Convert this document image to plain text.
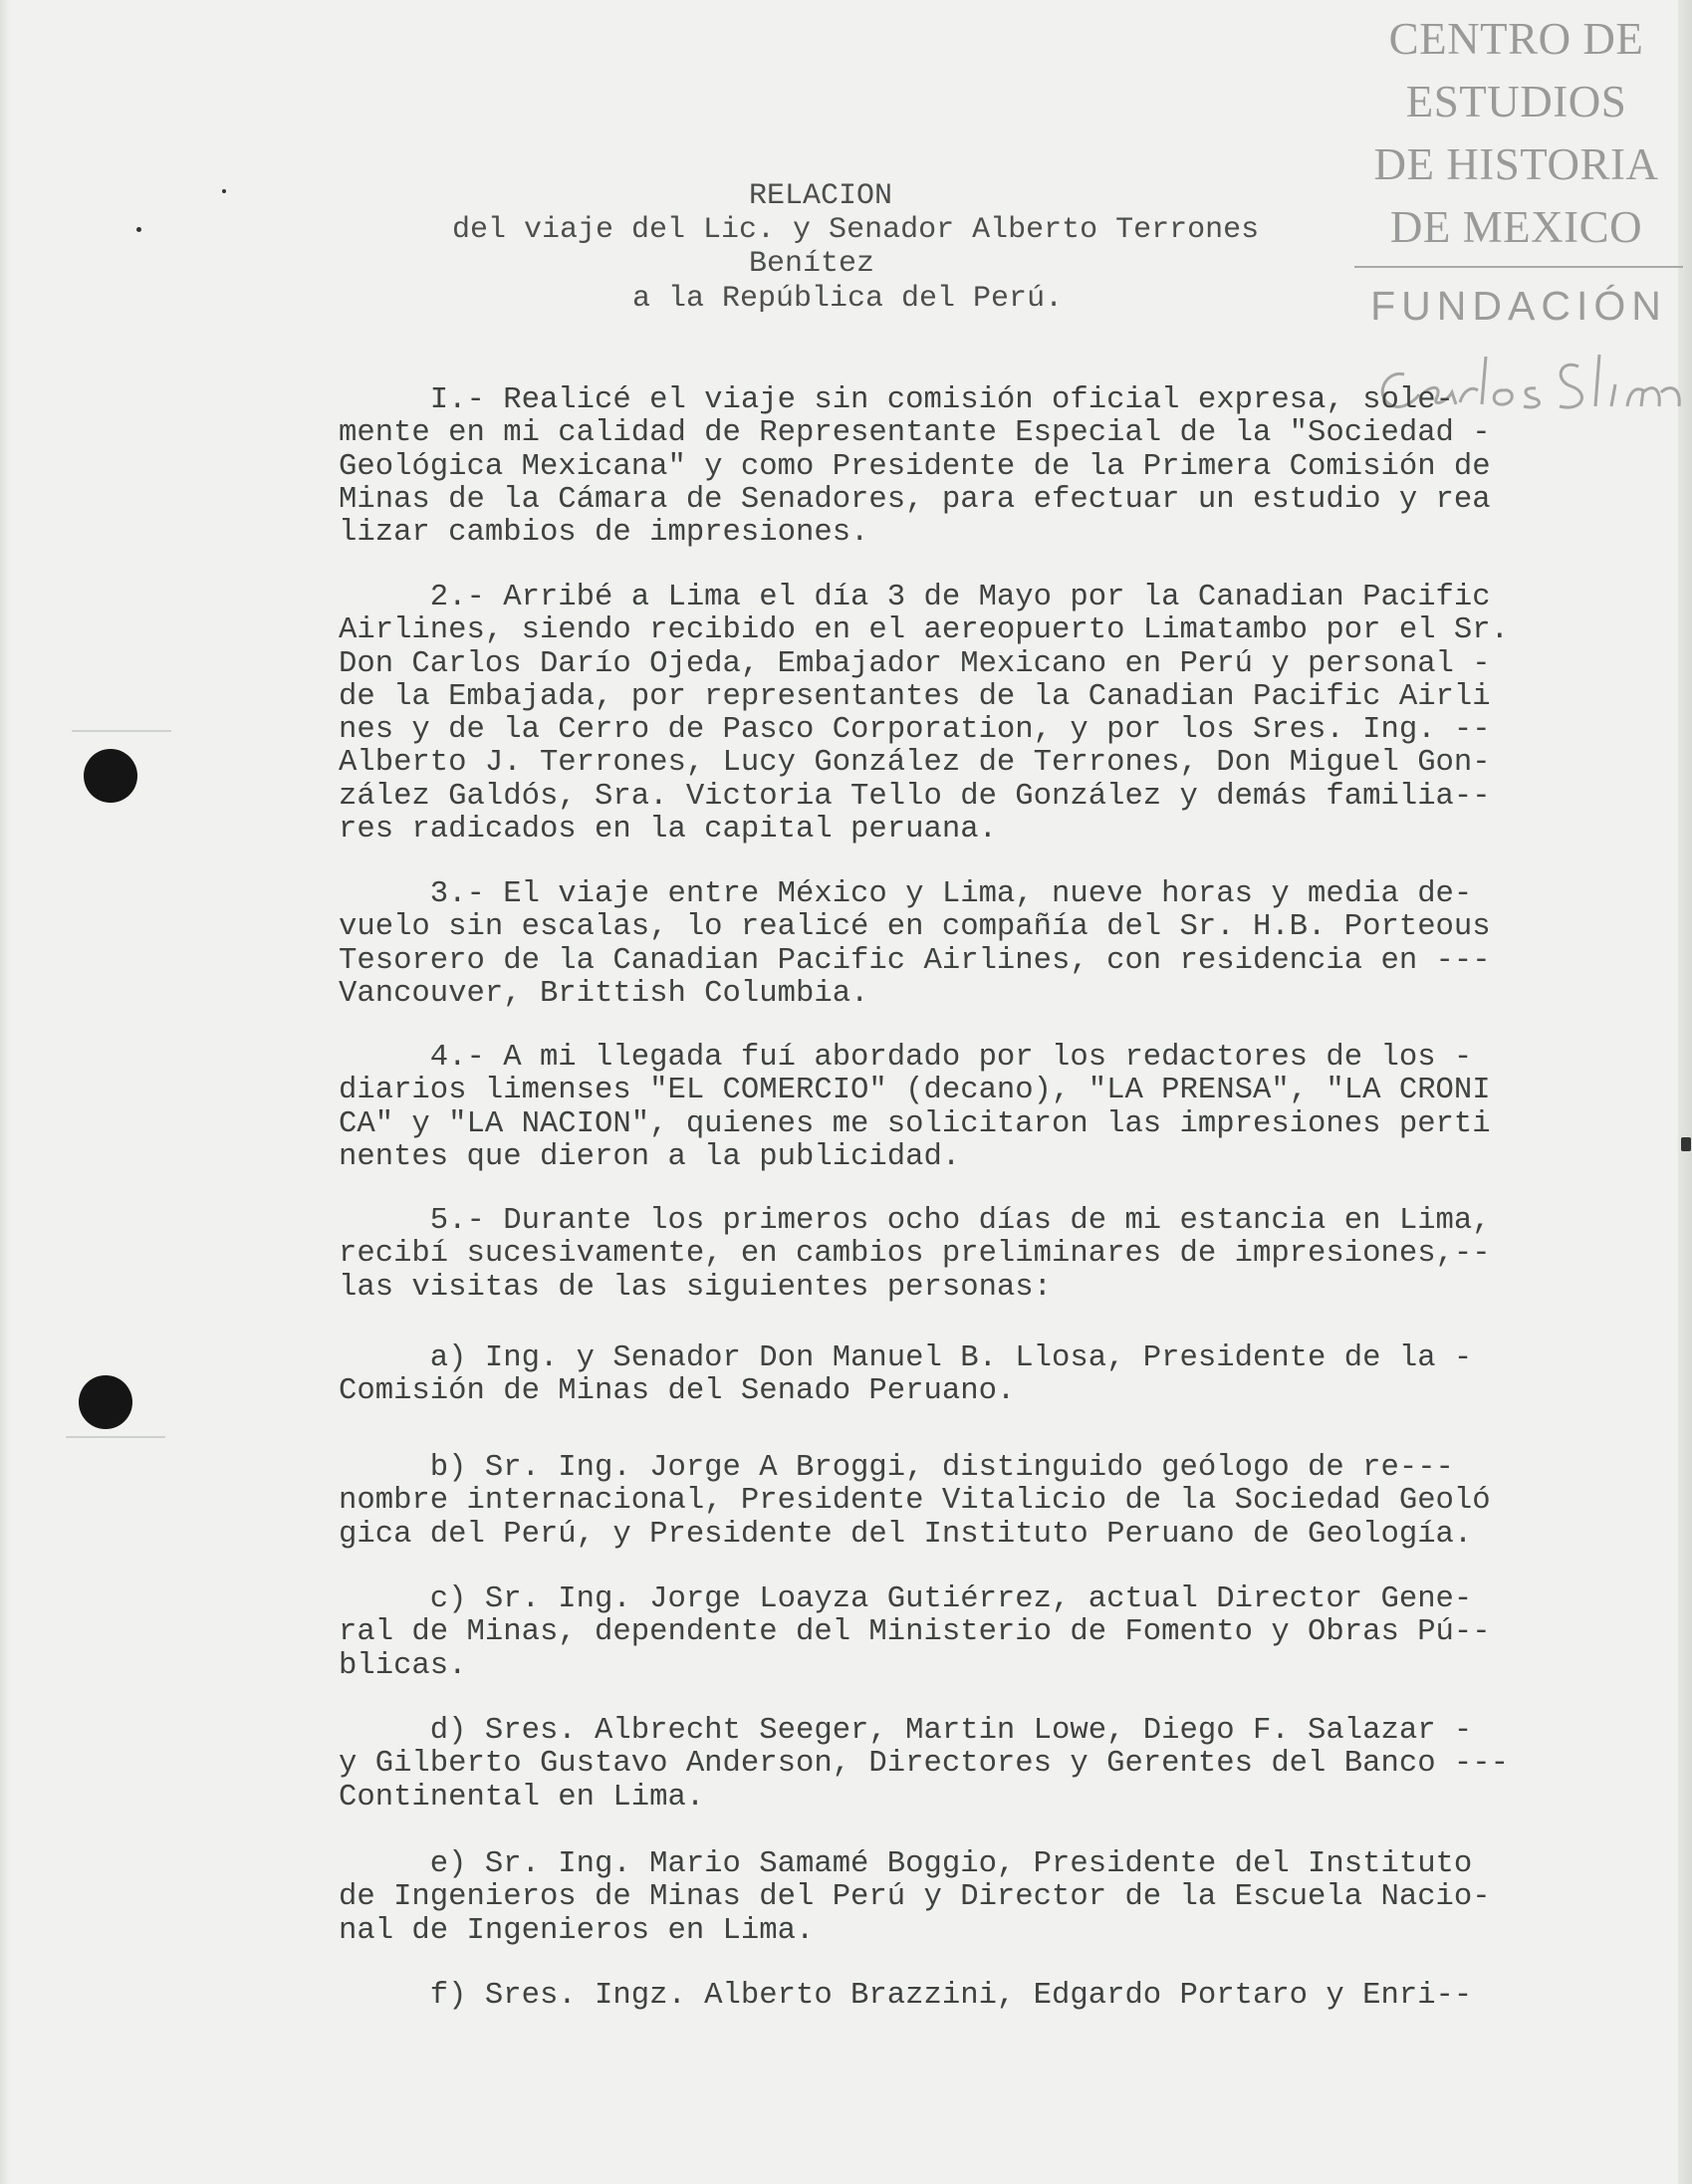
CENTRO DE
ESTUDIOS
DE HISTORIA
DE MEXICO
FUNDACIÓN

RELACION

del viaje del Lic. y Senador Alberto Terrones

Benítez

a la República del Perú.

I.- Realicé el viaje sin comisión oficial expresa, sole-
mente en mi calidad de Representante Especial de la "Sociedad -
Geológica Mexicana" y como Presidente de la Primera Comisión de
Minas de la Cámara de Senadores, para efectuar un estudio y rea
lizar cambios de impresiones.
2.- Arribé a Lima el día 3 de Mayo por la Canadian Pacific
Airlines, siendo recibido en el aereopuerto Limatambo por el Sr.
Don Carlos Darío Ojeda, Embajador Mexicano en Perú y personal -
de la Embajada, por representantes de la Canadian Pacific Airli
nes y de la Cerro de Pasco Corporation, y por los Sres. Ing. --
Alberto J. Terrones, Lucy González de Terrones, Don Miguel Gon-
zález Galdós, Sra. Victoria Tello de González y demás familia--
res radicados en la capital peruana.
3.- El viaje entre México y Lima, nueve horas y media de-
vuelo sin escalas, lo realicé en compañía del Sr. H.B. Porteous
Tesorero de la Canadian Pacific Airlines, con residencia en ---
Vancouver, Brittish Columbia.
4.- A mi llegada fuí abordado por los redactores de los -
diarios limenses "EL COMERCIO" (decano), "LA PRENSA", "LA CRONI
CA" y "LA NACION", quienes me solicitaron las impresiones perti
nentes que dieron a la publicidad.
5.- Durante los primeros ocho días de mi estancia en Lima,
recibí sucesivamente, en cambios preliminares de impresiones,--
las visitas de las siguientes personas:
a) Ing. y Senador Don Manuel B. Llosa, Presidente de la -
Comisión de Minas del Senado Peruano.
b) Sr. Ing. Jorge A Broggi, distinguido geólogo de re---
nombre internacional, Presidente Vitalicio de la Sociedad Geoló
gica del Perú, y Presidente del Instituto Peruano de Geología.
c) Sr. Ing. Jorge Loayza Gutiérrez, actual Director Gene-
ral de Minas, dependente del Ministerio de Fomento y Obras Pú--
blicas.
d) Sres. Albrecht Seeger, Martin Lowe, Diego F. Salazar -
y Gilberto Gustavo Anderson, Directores y Gerentes del Banco ---
Continental en Lima.
e) Sr. Ing. Mario Samamé Boggio, Presidente del Instituto
de Ingenieros de Minas del Perú y Director de la Escuela Nacio-
nal de Ingenieros en Lima.
f) Sres. Ingz. Alberto Brazzini, Edgardo Portaro y Enri--
